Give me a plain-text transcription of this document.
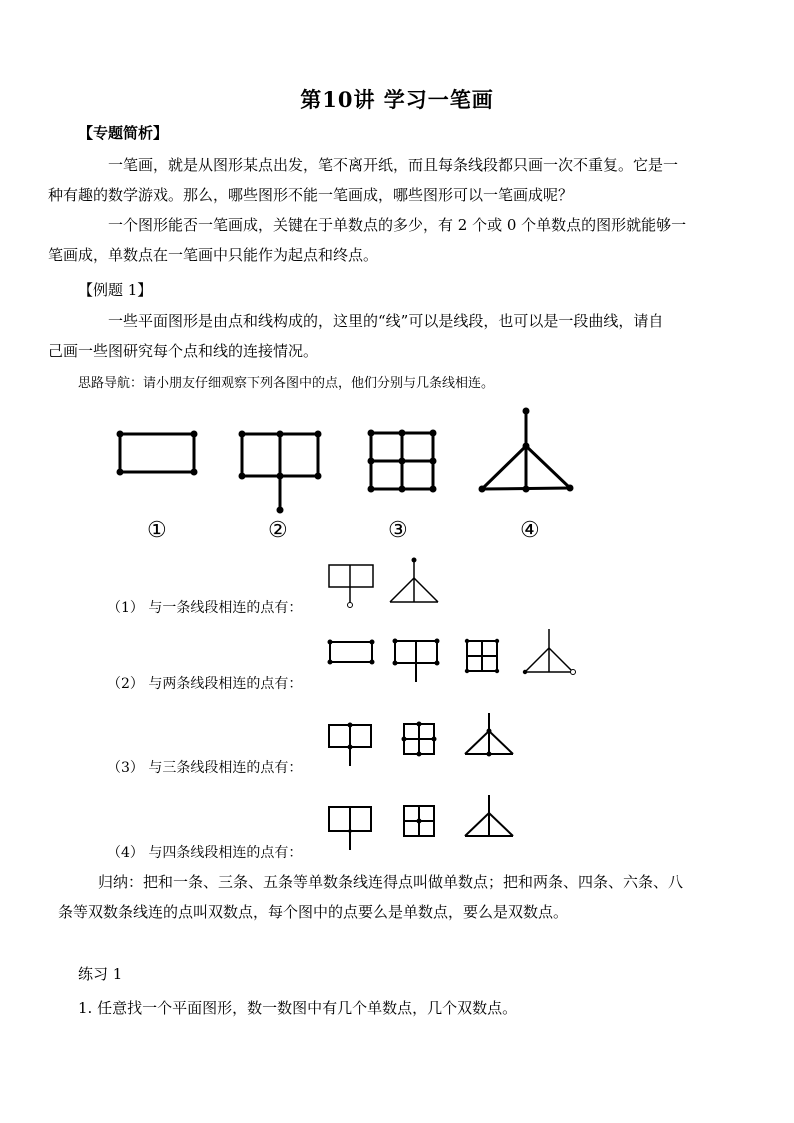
第10讲 学习一笔画
【专题简析】
一笔画，就是从图形某点出发，笔不离开纸，而且每条线段都只画一次不重复。它是一
种有趣的数学游戏。那么，哪些图形不能一笔画成，哪些图形可以一笔画成呢？
一个图形能否一笔画成，关键在于单数点的多少，有 2 个或 0 个单数点的图形就能够一
笔画成，单数点在一笔画中只能作为起点和终点。
【例题 1】
一些平面图形是由点和线构成的，这里的“线”可以是线段，也可以是一段曲线，请自
己画一些图研究每个点和线的连接情况。
思路导航：请小朋友仔细观察下列各图中的点，他们分别与几条线相连。
①	②	③	④
（1） 与一条线段相连的点有：
（2） 与两条线段相连的点有：
（3） 与三条线段相连的点有：
（4） 与四条线段相连的点有：
归纳：把和一条、三条、五条等单数条线连得点叫做单数点；把和两条、四条、六条、八
条等双数条线连的点叫双数点，每个图中的点要么是单数点，要么是双数点。
练习 1
1. 任意找一个平面图形，数一数图中有几个单数点，几个双数点。
